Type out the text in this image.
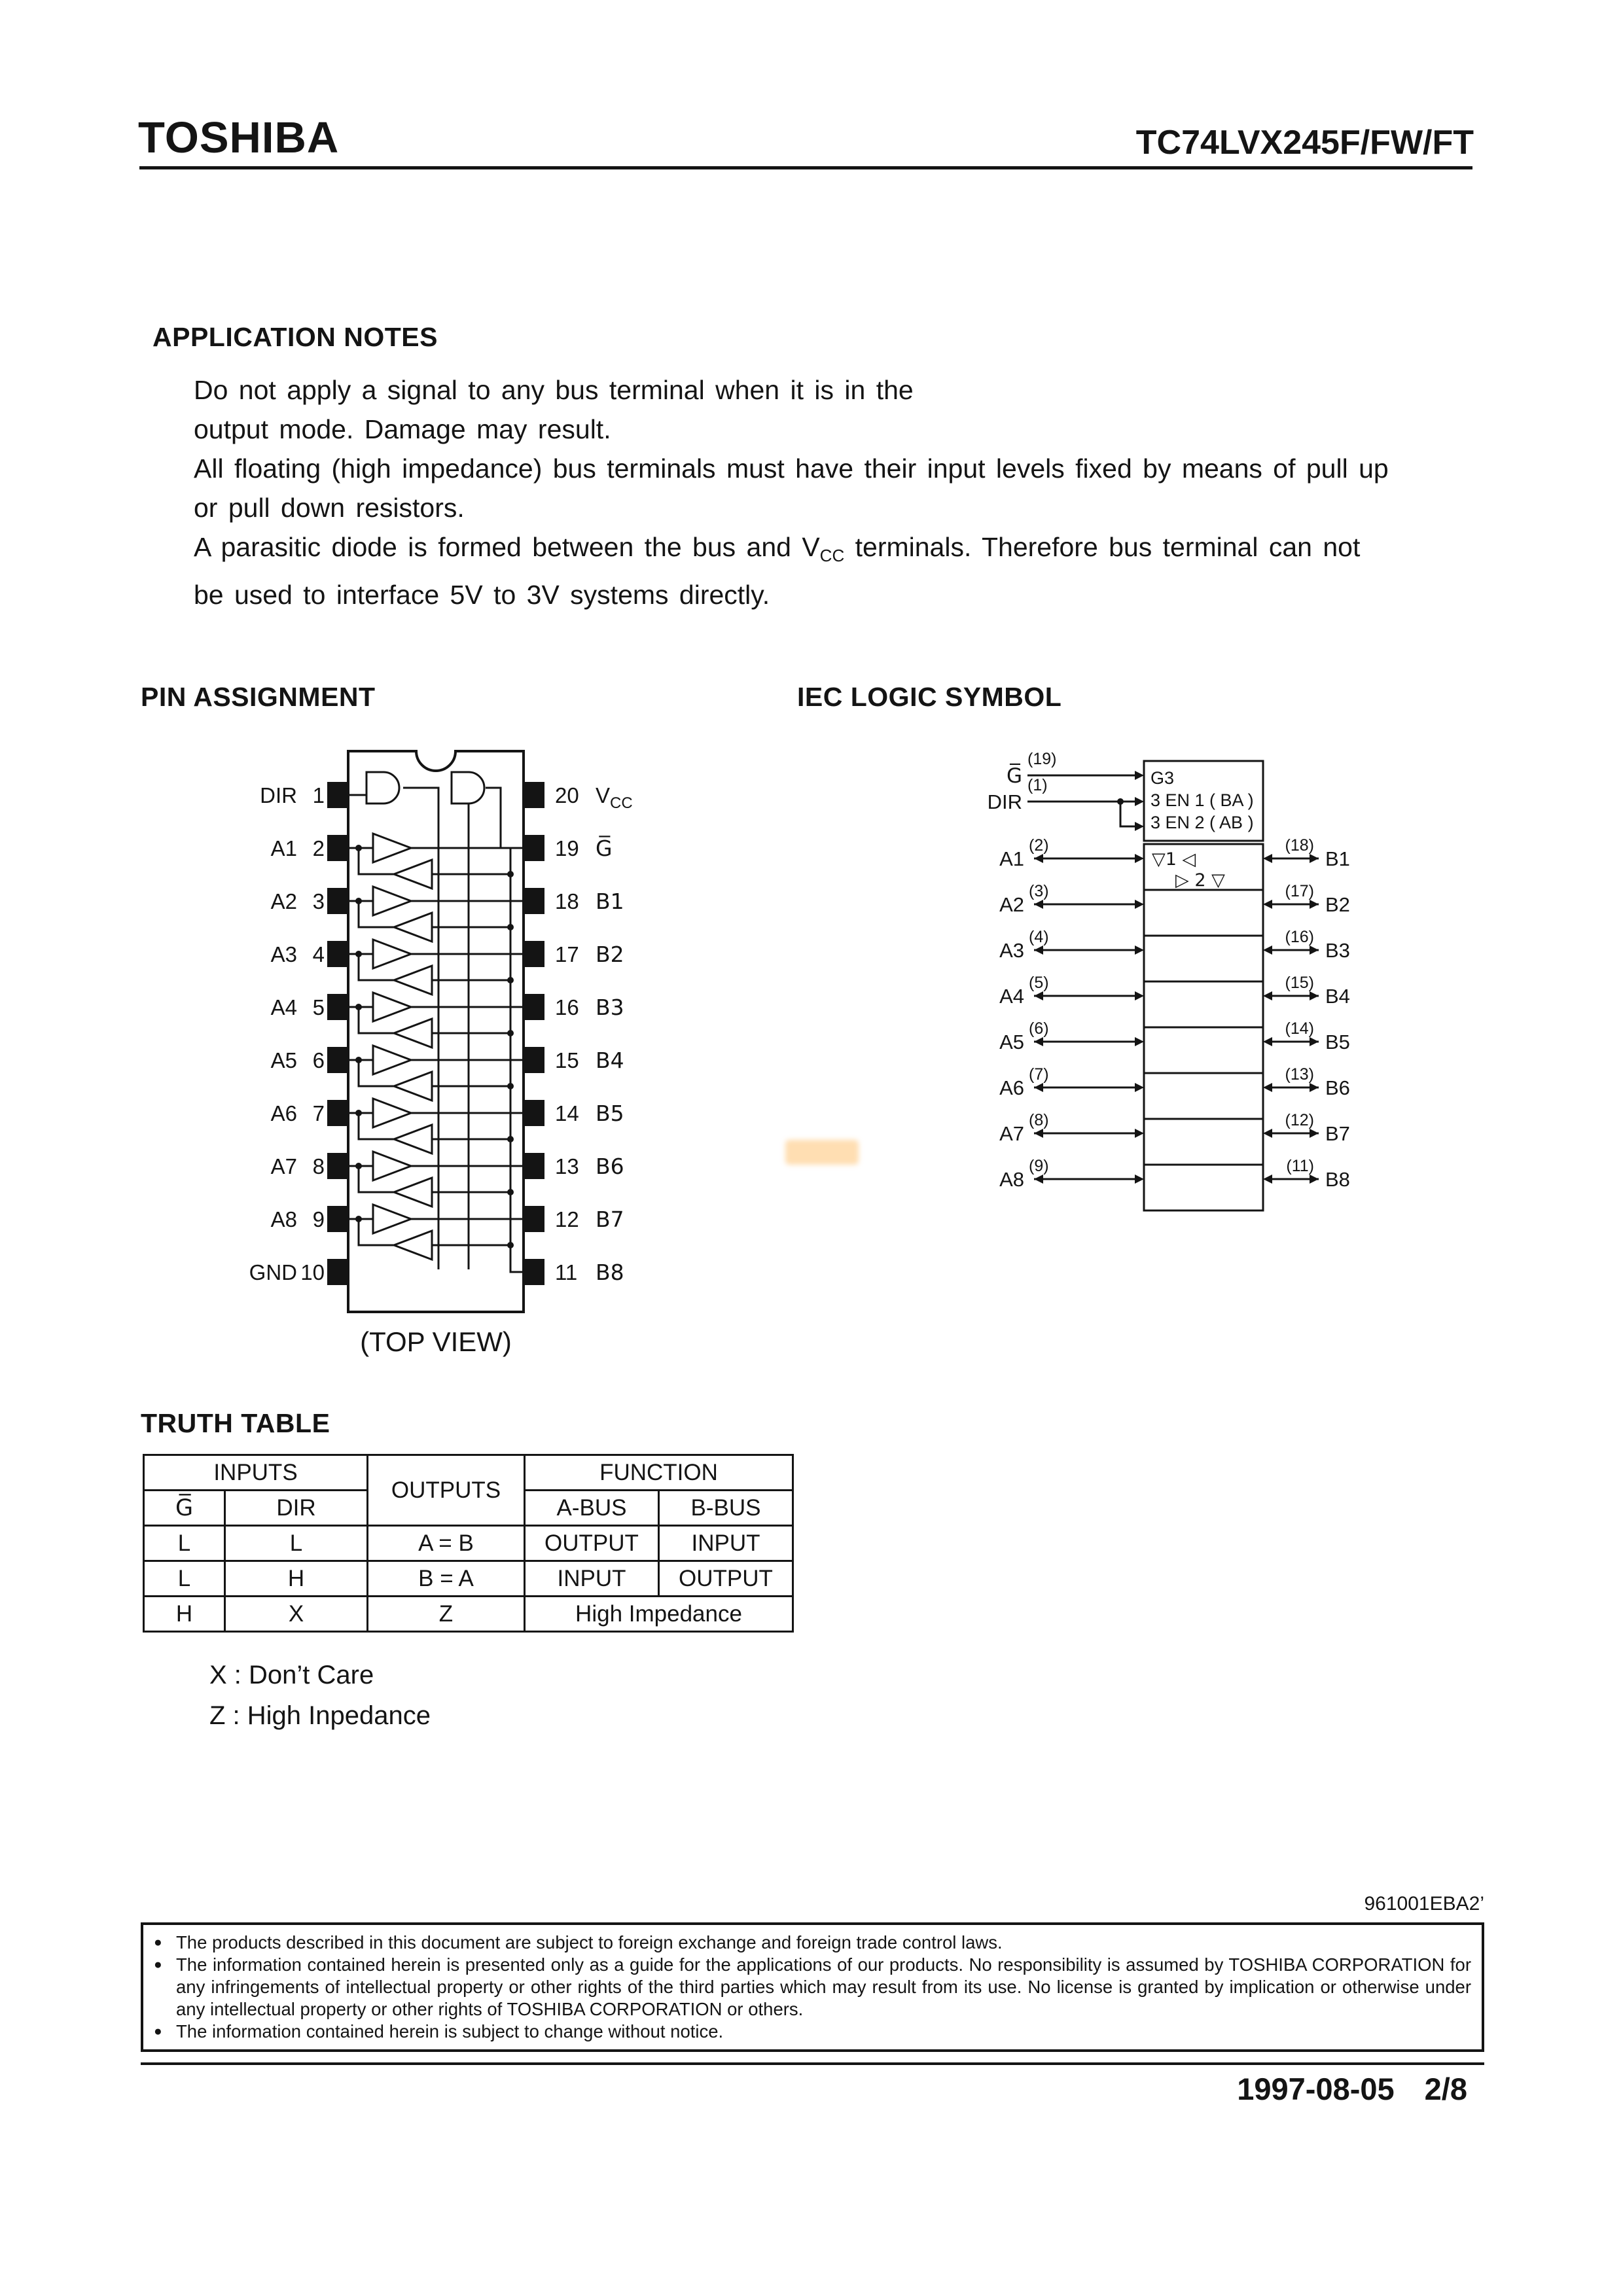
TOSHIBA	TC74LVX245F/FW/FT
APPLICATION NOTES
Do not apply a signal to any bus terminal when it is in the
output mode. Damage may result.
All floating (high impedance) bus terminals must have their input levels fixed by means of pull up
or pull down resistors.
A parasitic diode is formed between the bus and $V_{CC}$ terminals. Therefore bus terminal can not
be used to interface 5V to 3V systems directly.
PIN ASSIGNMENT	IEC LOGIC SYMBOL
DIR 1	20 $V_{CC}$
A1 2	19 G̅
A2 3	18 B1
A3 4	17 B2
A4 5	16 B3
A5 6	15 B4
A6 7	14 B5
A7 8	13 B6
A8 9	12 B7
GND 10	11 B8
(TOP VIEW)
G3
3 EN 1 ( BA )
3 EN 2 ( AB )
G̅
(19)
DIR
(1)
▽1 ◁
▷ 2 ▽
A1
(2)	(18)
B1
A2
(3)	(17)
B2
A3
(4)	(16)
B3
A4
(5)	(15)
B4
A5
(6)	(14)
B5
A6
(7)	(13)
B6
A7
(8)	(12)
B7
A8
(9)	(11)
B8
TRUTH TABLE
INPUTS		OUTPUTS	FUNCTION	
G̅	DIR		A-BUS	B-BUS
L	L	A = B	OUTPUT	INPUT
L	H	B = A	INPUT	OUTPUT
H	X	Z	High Impedance	
X : Don’t Care
Z : High Inpedance
961001EBA2’
● The products described in this document are subject to foreign exchange and foreign trade control laws.
● The information contained herein is presented only as a guide for the applications of our products. No responsibility is assumed by TOSHIBA CORPORATION for any infringements of intellectual property or other rights of the third parties which may result from its use. No license is granted by implication or otherwise under any intellectual property or other rights of TOSHIBA CORPORATION or others.
● The information contained herein is subject to change without notice.
1997-08-05 2/8
